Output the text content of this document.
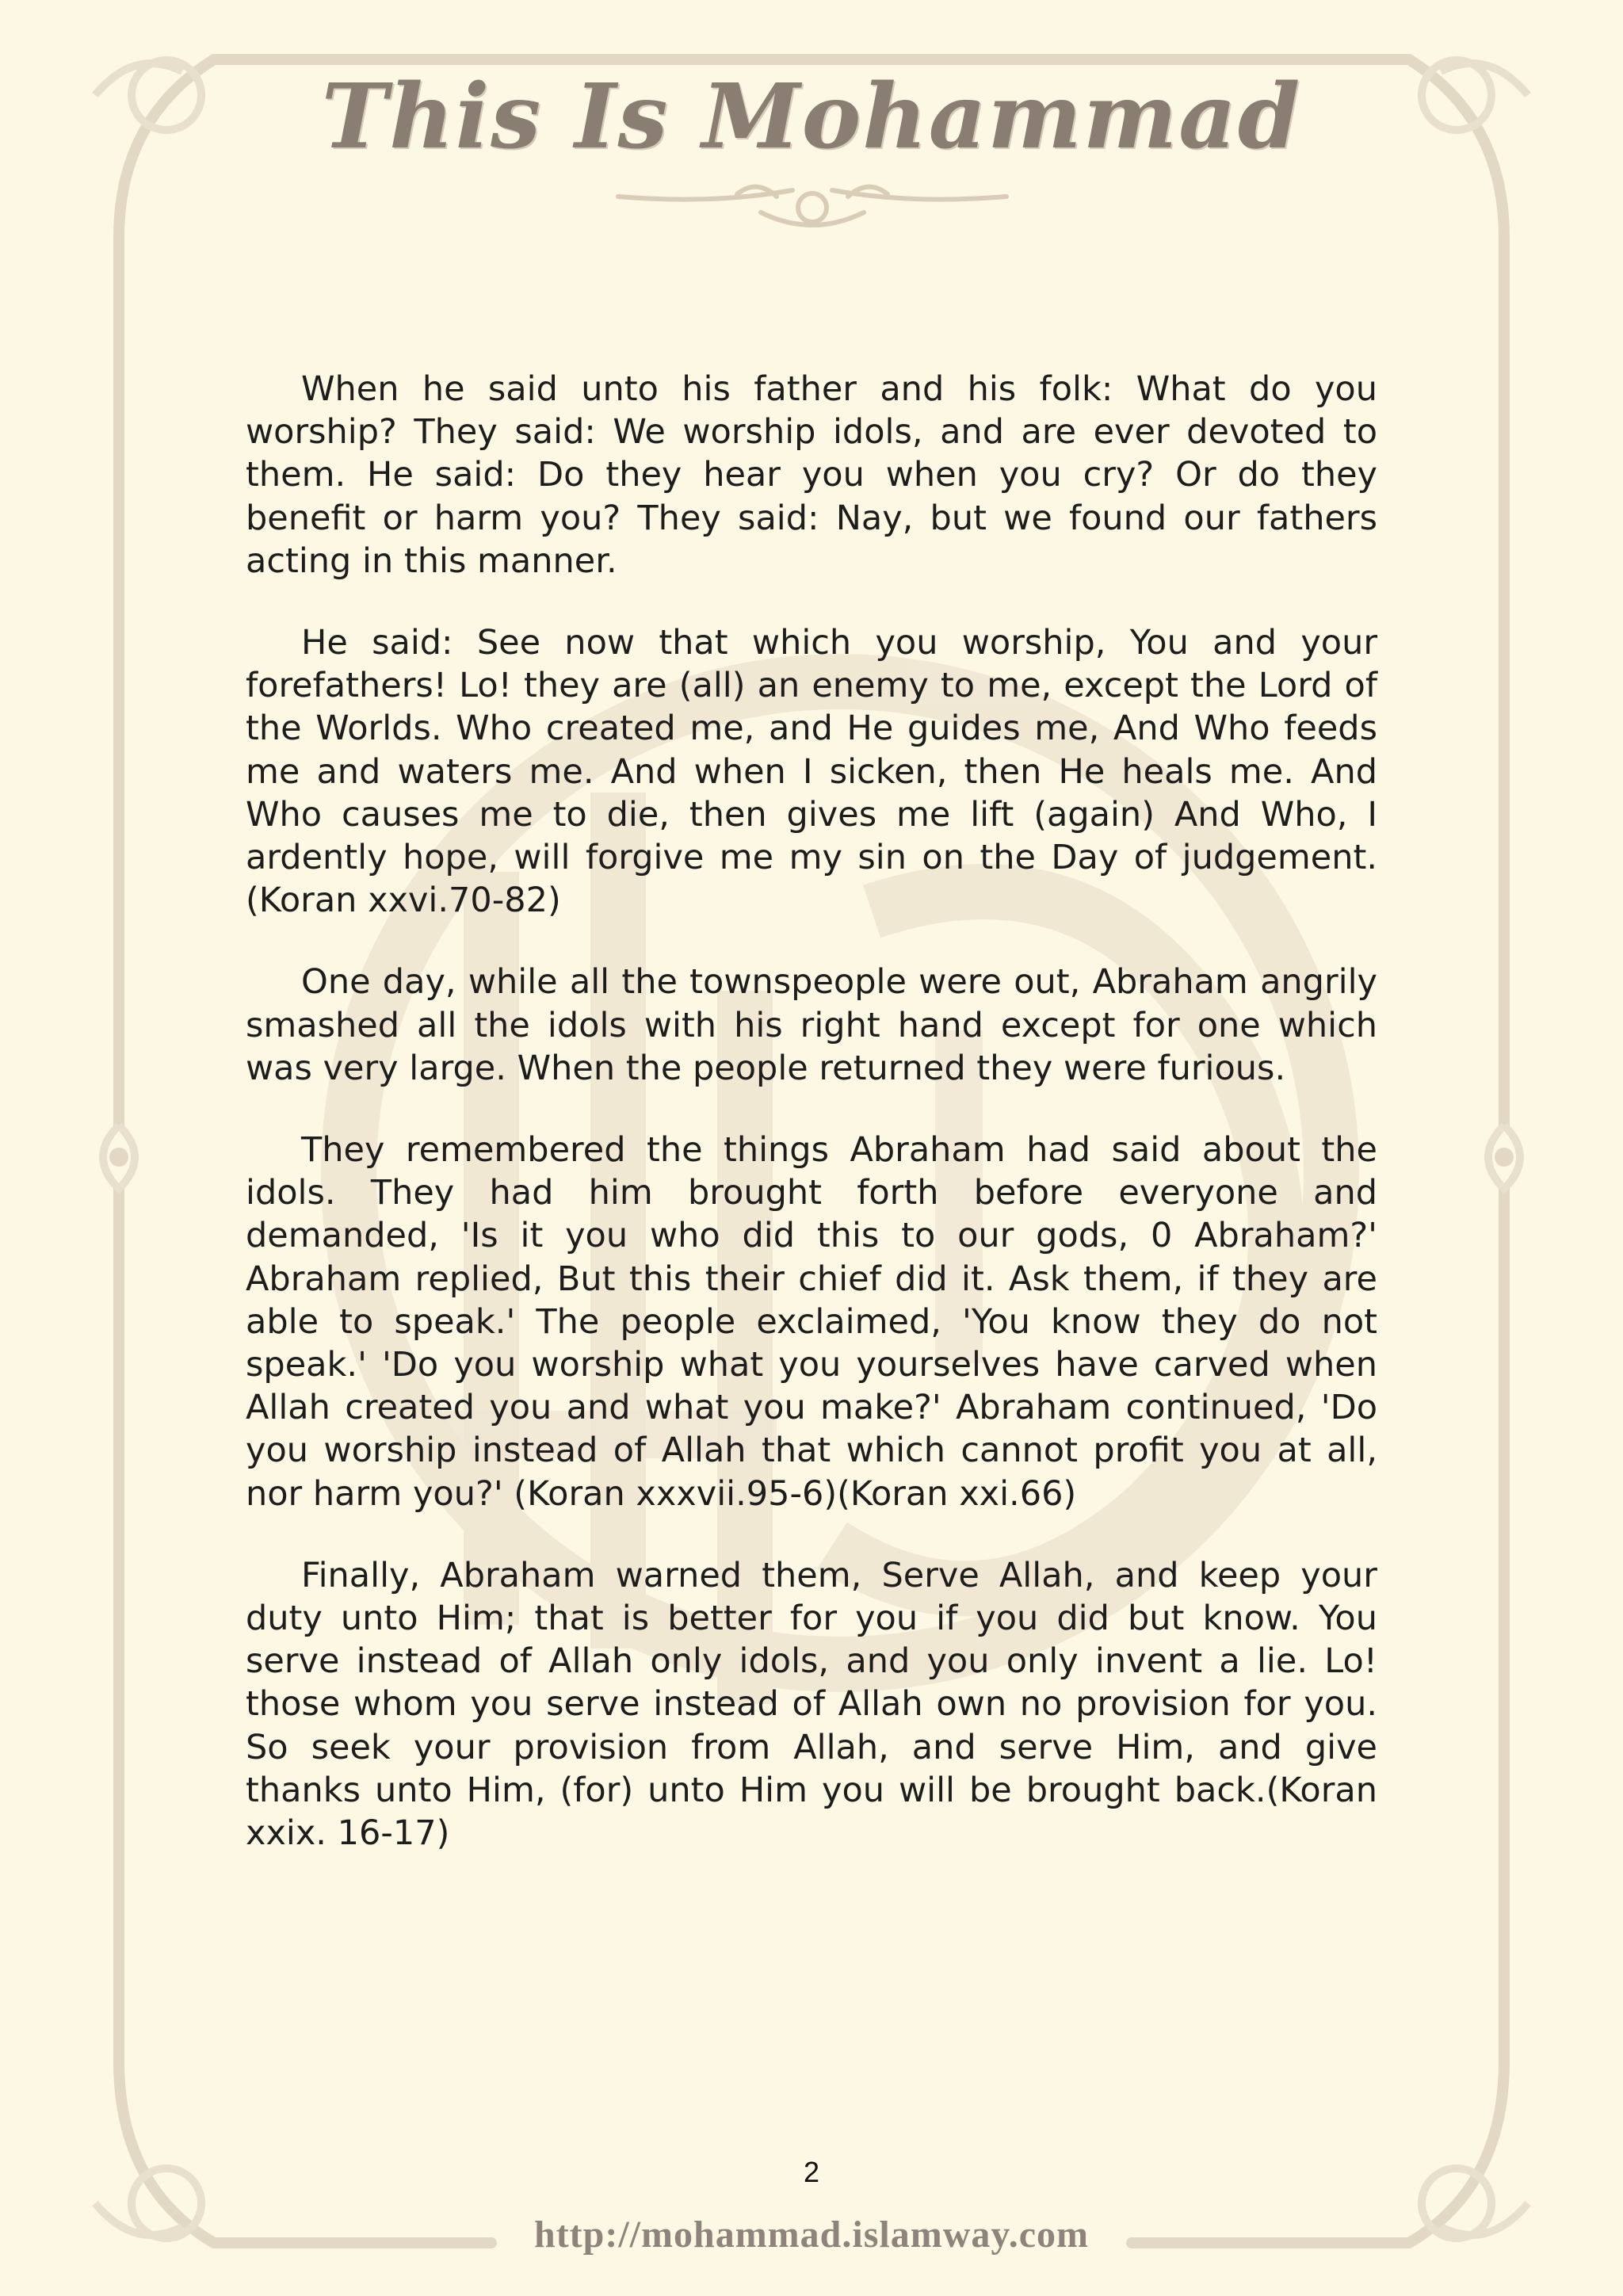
This Is Mohammad

When he said unto his father and his folk: What do you worship? They said: We worship idols, and are ever devoted to them. He said: Do they hear you when you cry? Or do they benefit or harm you? They said: Nay, but we found our fathers acting in this manner.

He said: See now that which you worship, You and your forefathers! Lo! they are (all) an enemy to me, except the Lord of the Worlds. Who created me, and He guides me, And Who feeds me and waters me. And when I sicken, then He heals me. And Who causes me to die, then gives me lift (again) And Who, I ardently hope, will forgive me my sin on the Day of judgement. (Koran xxvi.70-82)

One day, while all the townspeople were out, Abraham angrily smashed all the idols with his right hand except for one which was very large. When the people returned they were furious.

They remembered the things Abraham had said about the idols. They had him brought forth before everyone and demanded, 'Is it you who did this to our gods, 0 Abraham?' Abraham replied, But this their chief did it. Ask them, if they are able to speak.' The people exclaimed, 'You know they do not speak.' 'Do you worship what you yourselves have carved when Allah created you and what you make?' Abraham continued, 'Do you worship instead of Allah that which cannot profit you at all, nor harm you?' (Koran xxxvii.95-6)(Koran xxi.66)

Finally, Abraham warned them, Serve Allah, and keep your duty unto Him; that is better for you if you did but know. You serve instead of Allah only idols, and you only invent a lie. Lo! those whom you serve instead of Allah own no provision for you. So seek your provision from Allah, and serve Him, and give thanks unto Him, (for) unto Him you will be brought back.(Koran xxix. 16-17)

2
http://mohammad.islamway.com
